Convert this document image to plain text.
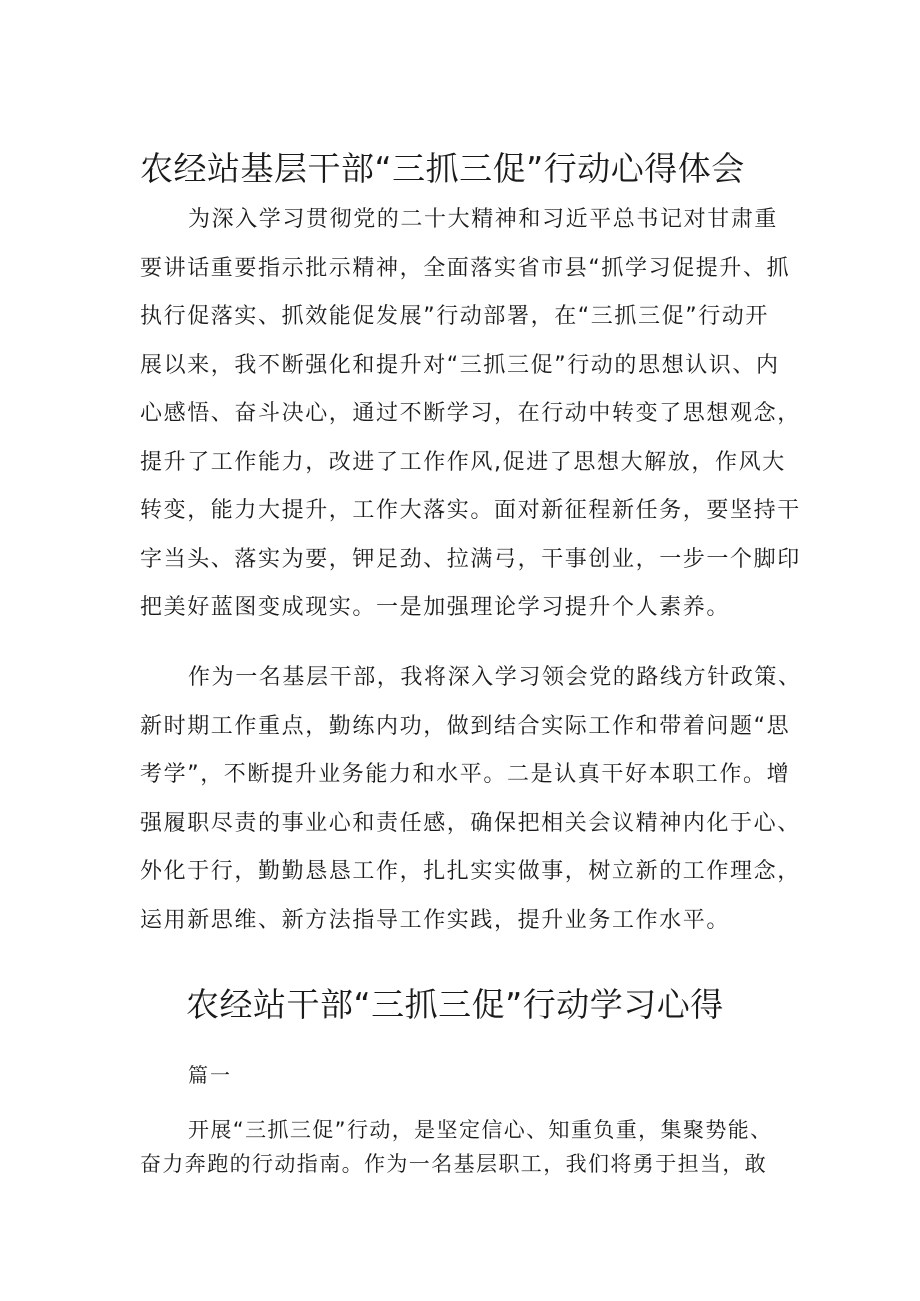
农经站基层干部“三抓三促”行动心得体会
为深入学习贯彻党的二十大精神和习近平总书记对甘肃重
要讲话重要指示批示精神，全面落实省市县“抓学习促提升、抓
执行促落实、抓效能促发展”行动部署，在“三抓三促”行动开
展以来，我不断强化和提升对“三抓三促”行动的思想认识、内
心感悟、奋斗决心，通过不断学习，在行动中转变了思想观念，
提升了工作能力，改进了工作作风,促进了思想大解放，作风大
转变，能力大提升，工作大落实。面对新征程新任务，要坚持干
字当头、落实为要，钾足劲、拉满弓，干事创业，一步一个脚印
把美好蓝图变成现实。一是加强理论学习提升个人素养。
作为一名基层干部，我将深入学习领会党的路线方针政策、
新时期工作重点，勤练内功，做到结合实际工作和带着问题“思
考学”，不断提升业务能力和水平。二是认真干好本职工作。增
强履职尽责的事业心和责任感，确保把相关会议精神内化于心、
外化于行，勤勤恳恳工作，扎扎实实做事，树立新的工作理念，
运用新思维、新方法指导工作实践，提升业务工作水平。
农经站干部“三抓三促”行动学习心得

篇一

开展“三抓三促”行动，是坚定信心、知重负重，集聚势能、
奋力奔跑的行动指南。作为一名基层职工，我们将勇于担当，敢
